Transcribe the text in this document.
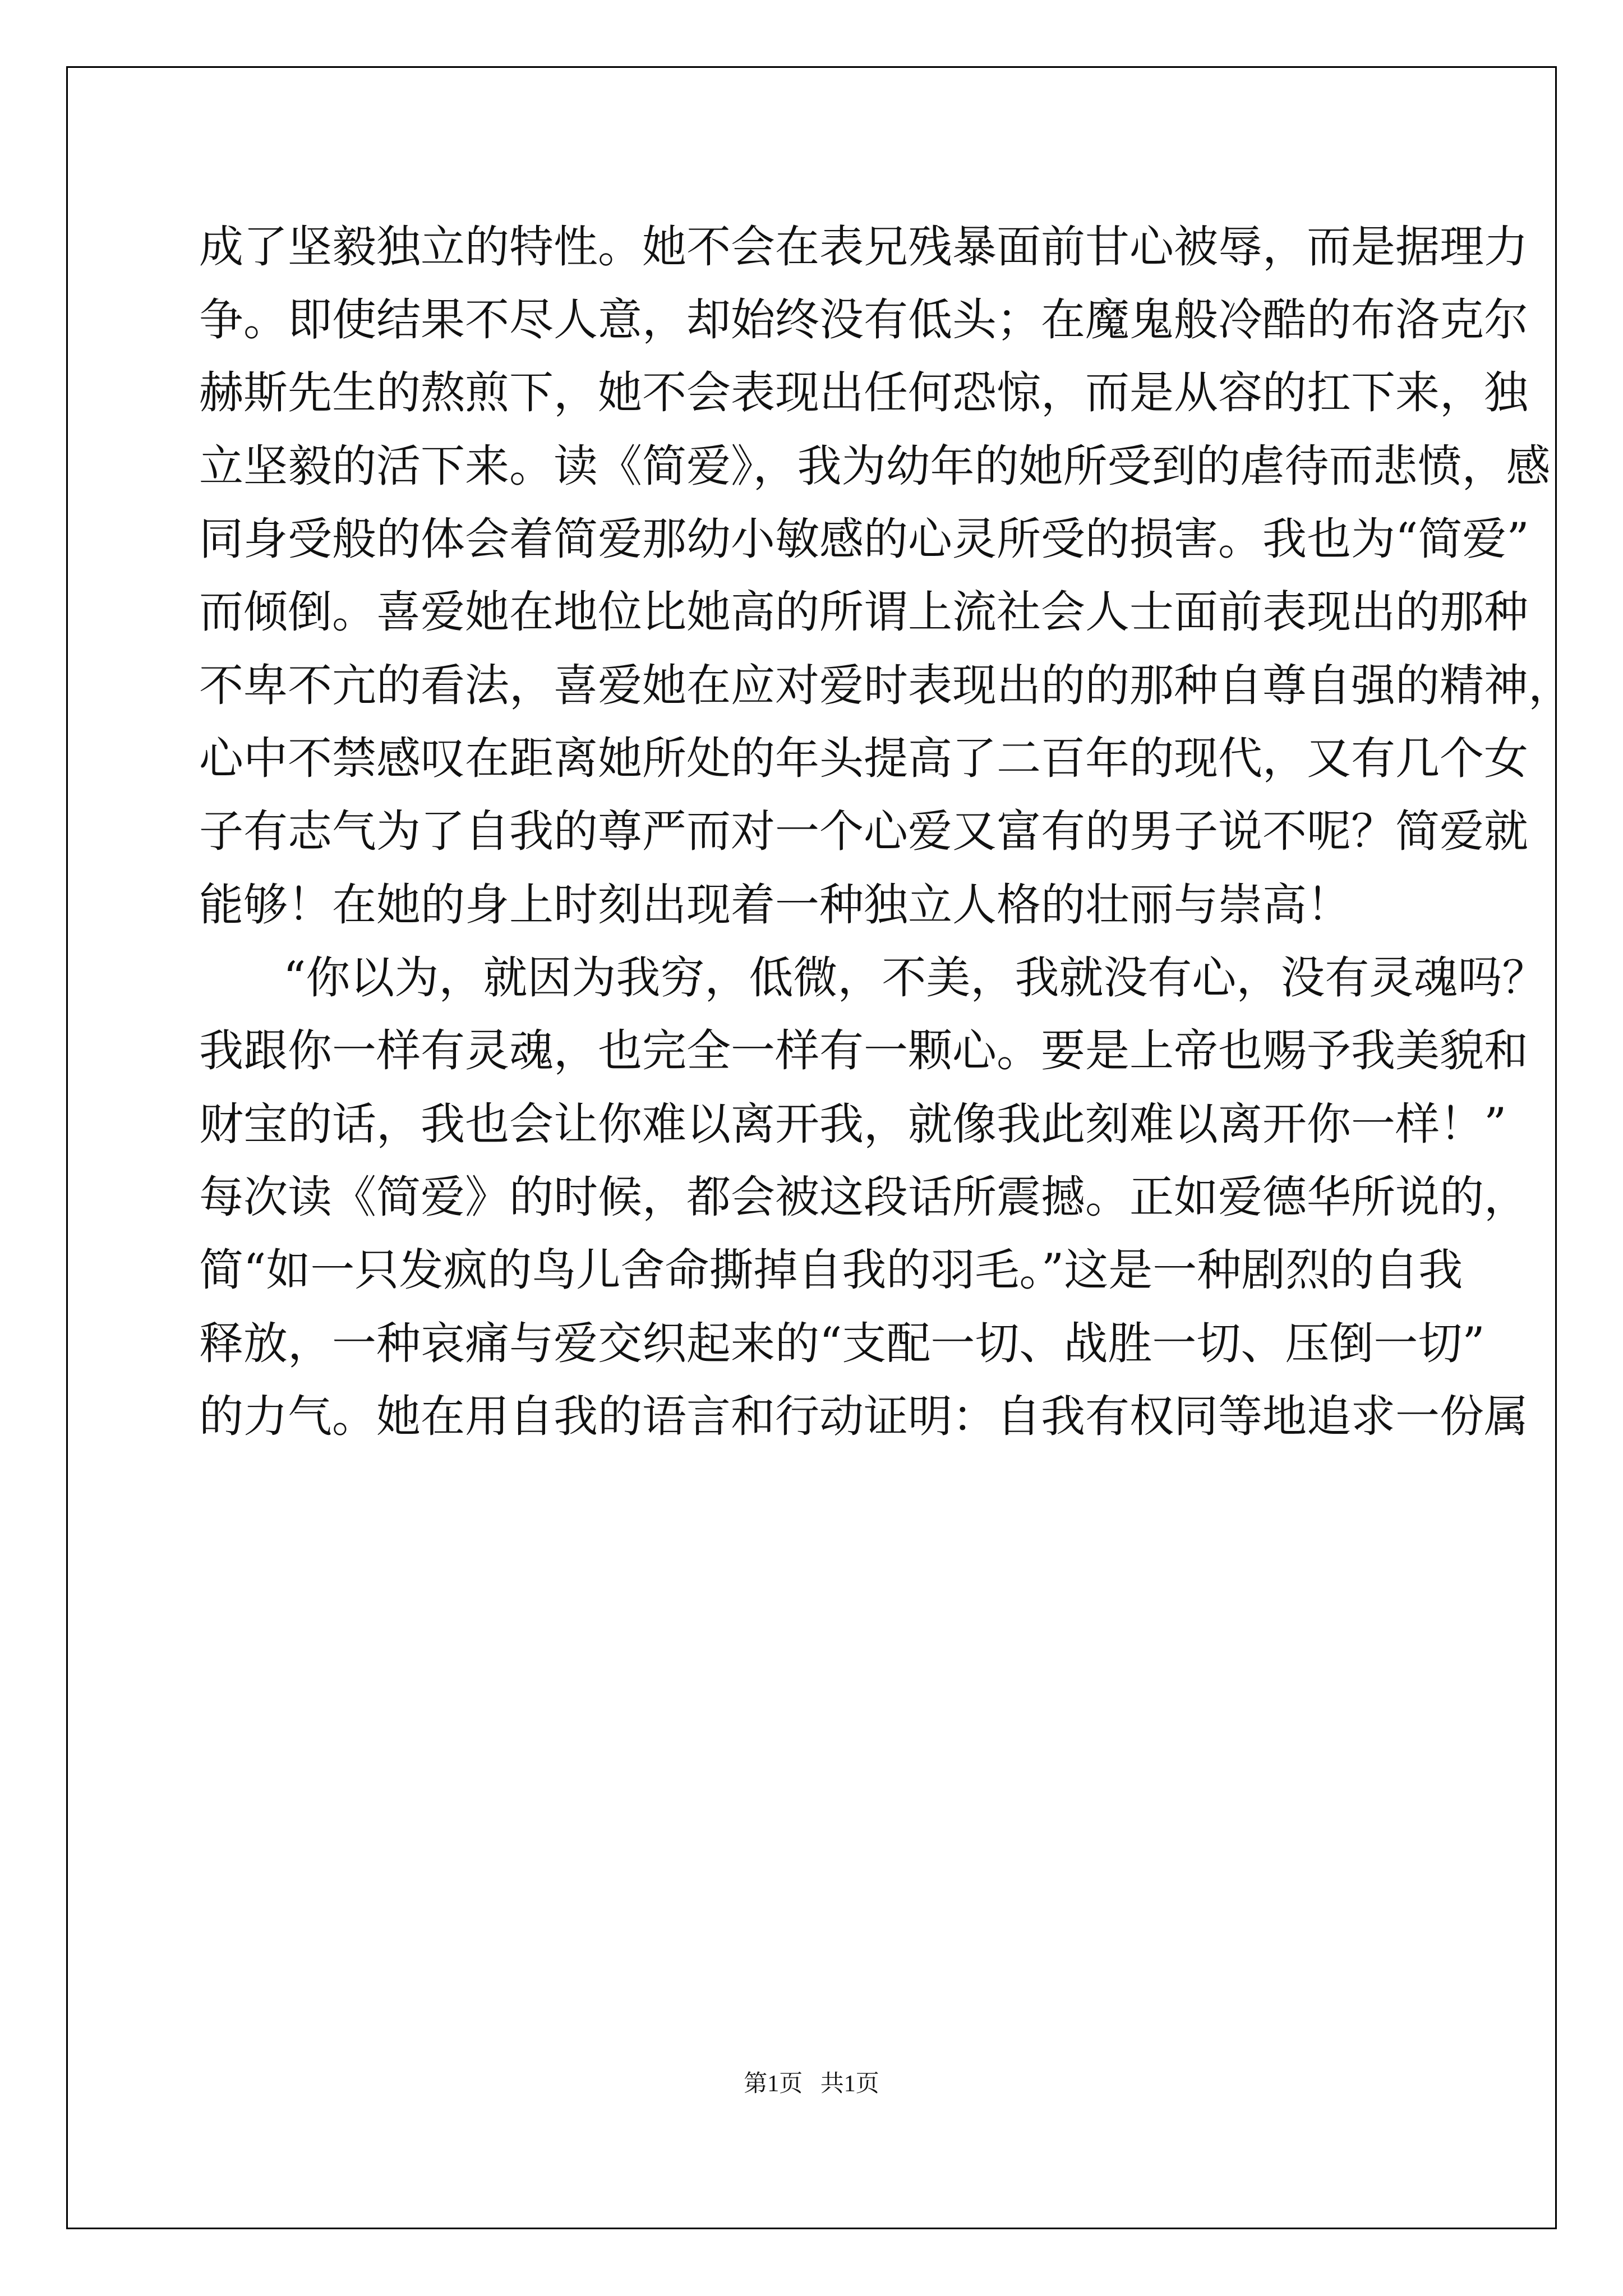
成了坚毅独立的特性。她不会在表兄残暴面前甘心被辱，而是据理力

争。即使结果不尽人意，却始终没有低头；在魔鬼般冷酷的布洛克尔

赫斯先生的熬煎下，她不会表现出任何恐惊，而是从容的扛下来，独

立坚毅的活下来。读《简爱》，我为幼年的她所受到的虐待而悲愤，感

同身受般的体会着简爱那幼小敏感的心灵所受的损害。我也为“简爱”

而倾倒。喜爱她在地位比她高的所谓上流社会人士面前表现出的那种

不卑不亢的看法，喜爱她在应对爱时表现出的的那种自尊自强的精神，

心中不禁感叹在距离她所处的年头提高了二百年的现代，又有几个女

子有志气为了自我的尊严而对一个心爱又富有的男子说不呢？简爱就

能够！在她的身上时刻出现着一种独立人格的壮丽与崇高！

“你以为，就因为我穷，低微，不美，我就没有心，没有灵魂吗？

我跟你一样有灵魂，也完全一样有一颗心。要是上帝也赐予我美貌和

财宝的话，我也会让你难以离开我，就像我此刻难以离开你一样！”

每次读《简爱》的时候，都会被这段话所震撼。正如爱德华所说的，

简“如一只发疯的鸟儿舍命撕掉自我的羽毛。”这是一种剧烈的自我

释放，一种哀痛与爱交织起来的“支配一切、战胜一切、压倒一切”

的力气。她在用自我的语言和行动证明：自我有权同等地追求一份属

第1页   共1页
